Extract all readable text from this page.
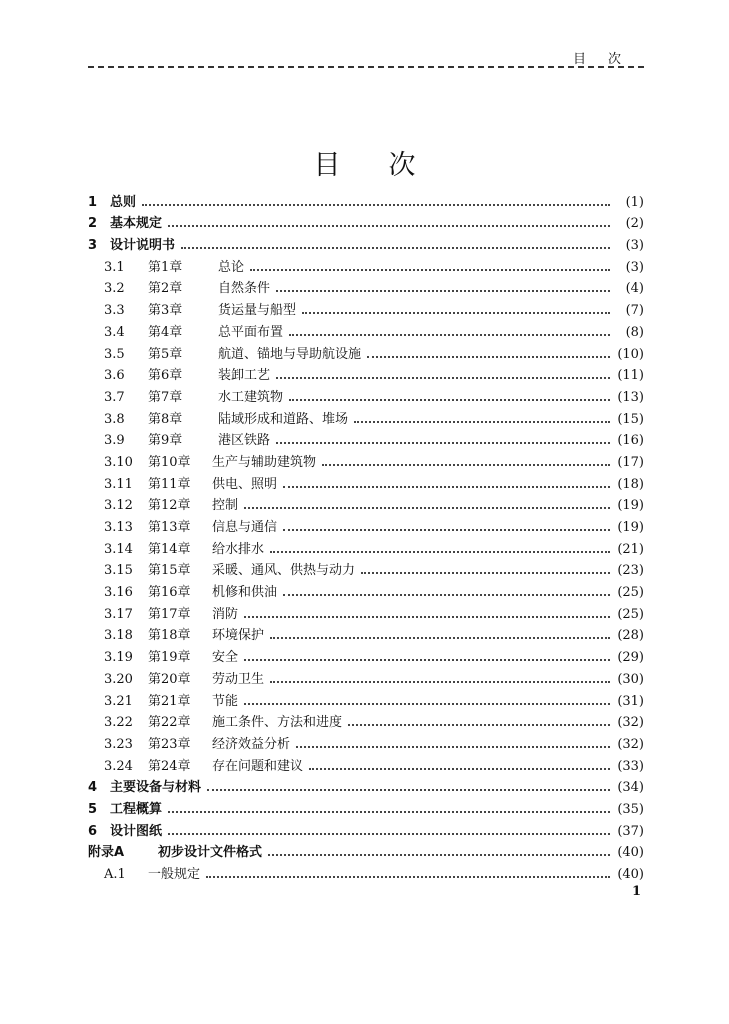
目次
目次
1 总则	(1)
2 基本规定	(2)
3 设计说明书	(3)
3.1	第1章	总论	(3)
3.2	第2章	自然条件	(4)
3.3	第3章	货运量与船型	(7)
3.4	第4章	总平面布置	(8)
3.5	第5章	航道、锚地与导助航设施	(10)
3.6	第6章	装卸工艺	(11)
3.7	第7章	水工建筑物	(13)
3.8	第8章	陆域形成和道路、堆场	(15)
3.9	第9章	港区铁路	(16)
3.10	第10章	生产与辅助建筑物	(17)
3.11	第11章	供电、照明	(18)
3.12	第12章	控制	(19)
3.13	第13章	信息与通信	(19)
3.14	第14章	给水排水	(21)
3.15	第15章	采暖、通风、供热与动力	(23)
3.16	第16章	机修和供油	(25)
3.17	第17章	消防	(25)
3.18	第18章	环境保护	(28)
3.19	第19章	安全	(29)
3.20	第20章	劳动卫生	(30)
3.21	第21章	节能	(31)
3.22	第22章	施工条件、方法和进度	(32)
3.23	第23章	经济效益分析	(32)
3.24	第24章	存在问题和建议	(33)
4 主要设备与材料	(34)
5 工程概算	(35)
6 设计图纸	(37)
附录A	初步设计文件格式	(40)
A.1	一般规定	(40)
1
